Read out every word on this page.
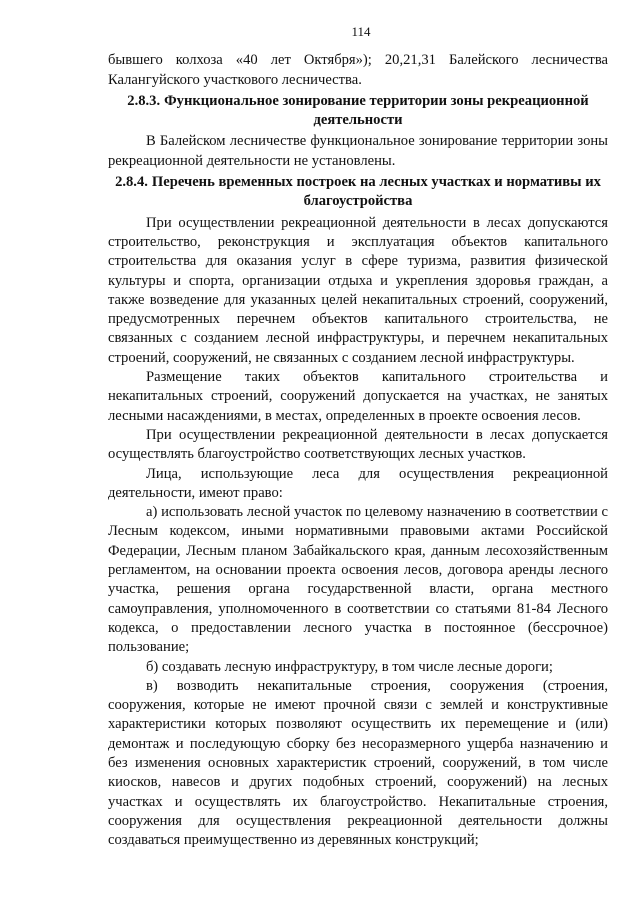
114

бывшего колхоза «40 лет Октября»); 20,21,31 Балейского лесничества Калангуйского участкового лесничества.

2.8.3. Функциональное зонирование территории зоны рекреационной деятельности

В Балейском лесничестве функциональное зонирование территории зоны рекреационной деятельности не установлены.

2.8.4. Перечень временных построек на лесных участках и нормативы их благоустройства

При осуществлении рекреационной деятельности в лесах допускаются строительство, реконструкция и эксплуатация объектов капитального строительства для оказания услуг в сфере туризма, развития физической культуры и спорта, организации отдыха и укрепления здоровья граждан, а также возведение для указанных целей некапитальных строений, сооружений, предусмотренных перечнем объектов капитального строительства, не связанных с созданием лесной инфраструктуры, и перечнем некапитальных строений, сооружений, не связанных с созданием лесной инфраструктуры.

Размещение таких объектов капитального строительства и некапитальных строений, сооружений допускается на участках, не занятых лесными насаждениями, в местах, определенных в проекте освоения лесов.

При осуществлении рекреационной деятельности в лесах допускается осуществлять благоустройство соответствующих лесных участков.

Лица, использующие леса для осуществления рекреационной деятельности, имеют право:

а) использовать лесной участок по целевому назначению в соответствии с Лесным кодексом, иными нормативными правовыми актами Российской Федерации, Лесным планом Забайкальского края, данным лесохозяйственным регламентом, на основании проекта освоения лесов, договора аренды лесного участка, решения органа государственной власти, органа местного самоуправления, уполномоченного в соответствии со статьями 81-84 Лесного кодекса, о предоставлении лесного участка в постоянное (бессрочное) пользование;

б) создавать лесную инфраструктуру, в том числе лесные дороги;

в) возводить некапитальные строения, сооружения (строения, сооружения, которые не имеют прочной связи с землей и конструктивные характеристики которых позволяют осуществить их перемещение и (или) демонтаж и последующую сборку без несоразмерного ущерба назначению и без изменения основных характеристик строений, сооружений, в том числе киосков, навесов и других подобных строений, сооружений) на лесных участках и осуществлять их благоустройство. Некапитальные строения, сооружения для осуществления рекреационной деятельности должны создаваться преимущественно из деревянных конструкций;
